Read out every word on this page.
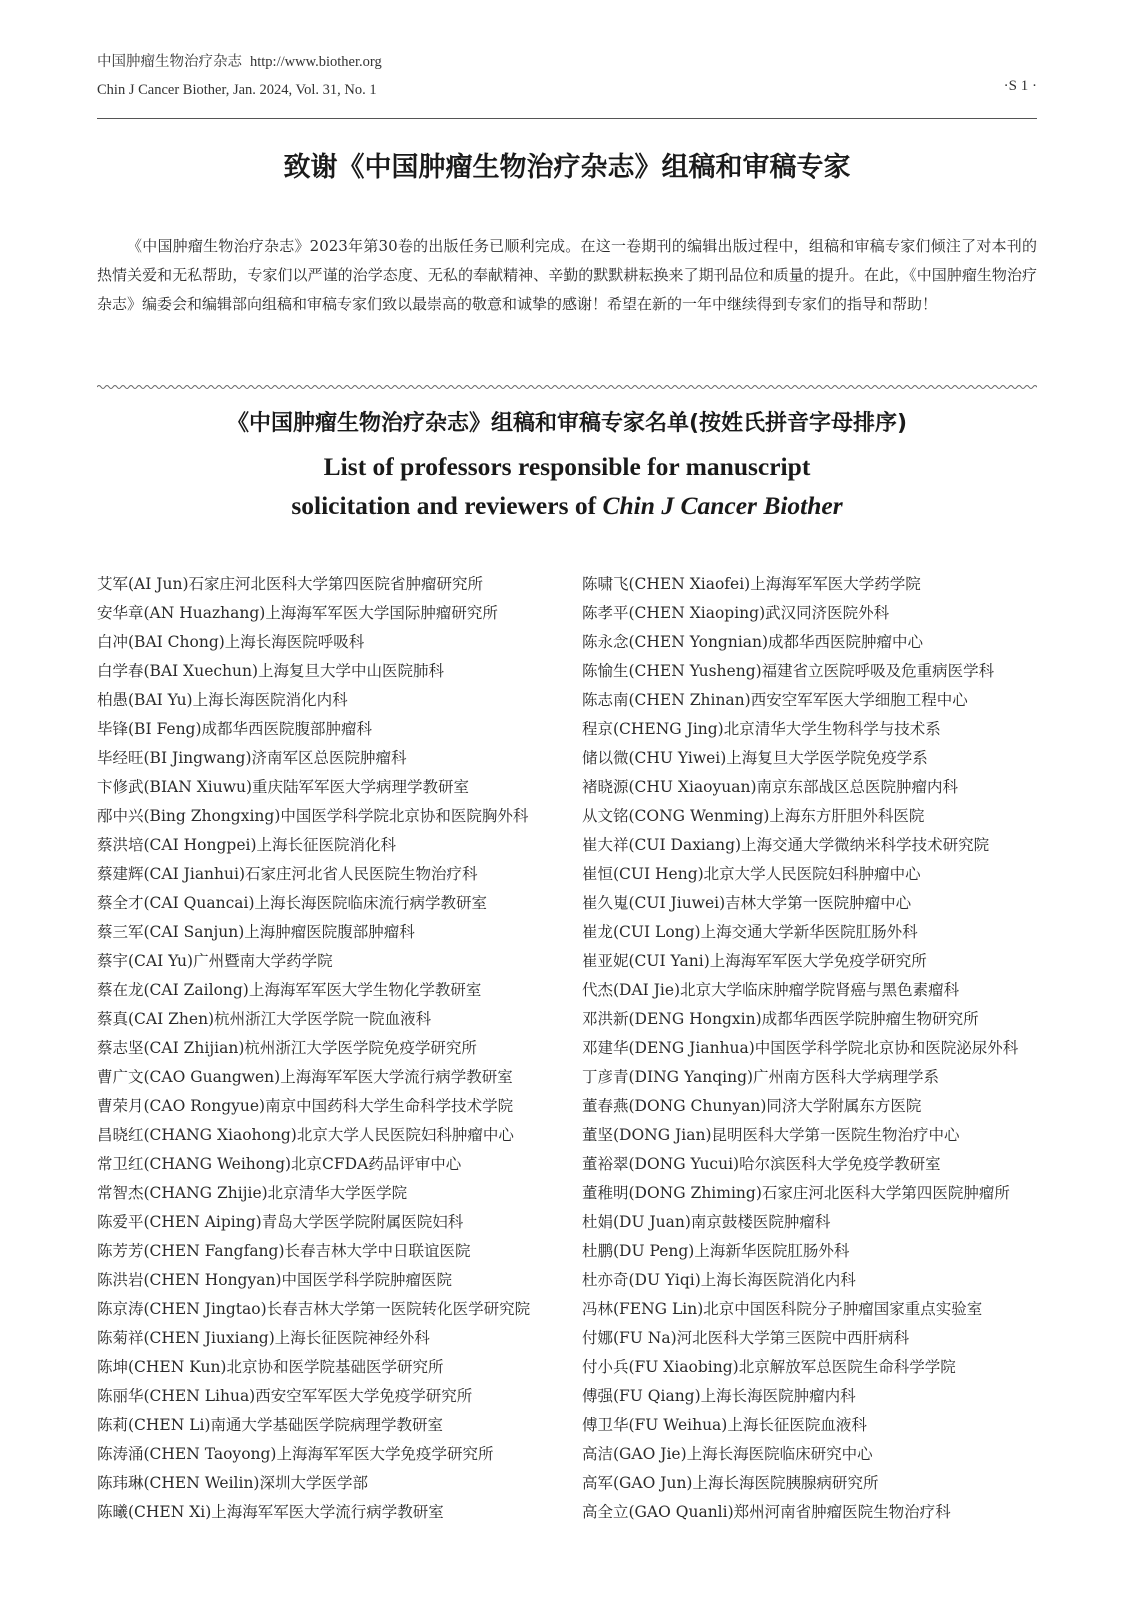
中国肿瘤生物治疗杂志 http://www.biother.org
Chin J Cancer Biother, Jan. 2024, Vol. 31, No. 1	·S 1 ·
致谢《中国肿瘤生物治疗杂志》组稿和审稿专家

《中国肿瘤生物治疗杂志》2023年第30卷的出版任务已顺利完成。在这一卷期刊的编辑出版过程中，组稿和审稿专家们倾注了对本刊的热情关爱和无私帮助，专家们以严谨的治学态度、无私的奉献精神、辛勤的默默耕耘换来了期刊品位和质量的提升。在此，《中国肿瘤生物治疗杂志》编委会和编辑部向组稿和审稿专家们致以最崇高的敬意和诚挚的感谢！希望在新的一年中继续得到专家们的指导和帮助！

《中国肿瘤生物治疗杂志》组稿和审稿专家名单(按姓氏拼音字母排序)
List of professors responsible for manuscript
solicitation and reviewers of Chin J Cancer Biother
艾军(AI Jun)石家庄河北医科大学第四医院省肿瘤研究所
安华章(AN Huazhang)上海海军军医大学国际肿瘤研究所
白冲(BAI Chong)上海长海医院呼吸科
白学春(BAI Xuechun)上海复旦大学中山医院肺科
柏愚(BAI Yu)上海长海医院消化内科
毕锋(BI Feng)成都华西医院腹部肿瘤科
毕经旺(BI Jingwang)济南军区总医院肿瘤科
卞修武(BIAN Xiuwu)重庆陆军军医大学病理学教研室
邴中兴(Bing Zhongxing)中国医学科学院北京协和医院胸外科
蔡洪培(CAI Hongpei)上海长征医院消化科
蔡建辉(CAI Jianhui)石家庄河北省人民医院生物治疗科
蔡全才(CAI Quancai)上海长海医院临床流行病学教研室
蔡三军(CAI Sanjun)上海肿瘤医院腹部肿瘤科
蔡宇(CAI Yu)广州暨南大学药学院
蔡在龙(CAI Zailong)上海海军军医大学生物化学教研室
蔡真(CAI Zhen)杭州浙江大学医学院一院血液科
蔡志坚(CAI Zhijian)杭州浙江大学医学院免疫学研究所
曹广文(CAO Guangwen)上海海军军医大学流行病学教研室
曹荣月(CAO Rongyue)南京中国药科大学生命科学技术学院
昌晓红(CHANG Xiaohong)北京大学人民医院妇科肿瘤中心
常卫红(CHANG Weihong)北京CFDA药品评审中心
常智杰(CHANG Zhijie)北京清华大学医学院
陈爱平(CHEN Aiping)青岛大学医学院附属医院妇科
陈芳芳(CHEN Fangfang)长春吉林大学中日联谊医院
陈洪岩(CHEN Hongyan)中国医学科学院肿瘤医院
陈京涛(CHEN Jingtao)长春吉林大学第一医院转化医学研究院
陈菊祥(CHEN Jiuxiang)上海长征医院神经外科
陈坤(CHEN Kun)北京协和医学院基础医学研究所
陈丽华(CHEN Lihua)西安空军军医大学免疫学研究所
陈莉(CHEN Li)南通大学基础医学院病理学教研室
陈涛涌(CHEN Taoyong)上海海军军医大学免疫学研究所
陈玮琳(CHEN Weilin)深圳大学医学部
陈曦(CHEN Xi)上海海军军医大学流行病学教研室
陈啸飞(CHEN Xiaofei)上海海军军医大学药学院
陈孝平(CHEN Xiaoping)武汉同济医院外科
陈永念(CHEN Yongnian)成都华西医院肿瘤中心
陈愉生(CHEN Yusheng)福建省立医院呼吸及危重病医学科
陈志南(CHEN Zhinan)西安空军军医大学细胞工程中心
程京(CHENG Jing)北京清华大学生物科学与技术系
储以微(CHU Yiwei)上海复旦大学医学院免疫学系
褚晓源(CHU Xiaoyuan)南京东部战区总医院肿瘤内科
从文铭(CONG Wenming)上海东方肝胆外科医院
崔大祥(CUI Daxiang)上海交通大学微纳米科学技术研究院
崔恒(CUI Heng)北京大学人民医院妇科肿瘤中心
崔久嵬(CUI Jiuwei)吉林大学第一医院肿瘤中心
崔龙(CUI Long)上海交通大学新华医院肛肠外科
崔亚妮(CUI Yani)上海海军军医大学免疫学研究所
代杰(DAI Jie)北京大学临床肿瘤学院肾癌与黑色素瘤科
邓洪新(DENG Hongxin)成都华西医学院肿瘤生物研究所
邓建华(DENG Jianhua)中国医学科学院北京协和医院泌尿外科
丁彦青(DING Yanqing)广州南方医科大学病理学系
董春燕(DONG Chunyan)同济大学附属东方医院
董坚(DONG Jian)昆明医科大学第一医院生物治疗中心
董裕翠(DONG Yucui)哈尔滨医科大学免疫学教研室
董稚明(DONG Zhiming)石家庄河北医科大学第四医院肿瘤所
杜娟(DU Juan)南京鼓楼医院肿瘤科
杜鹏(DU Peng)上海新华医院肛肠外科
杜亦奇(DU Yiqi)上海长海医院消化内科
冯林(FENG Lin)北京中国医科院分子肿瘤国家重点实验室
付娜(FU Na)河北医科大学第三医院中西肝病科
付小兵(FU Xiaobing)北京解放军总医院生命科学学院
傅强(FU Qiang)上海长海医院肿瘤内科
傅卫华(FU Weihua)上海长征医院血液科
高洁(GAO Jie)上海长海医院临床研究中心
高军(GAO Jun)上海长海医院胰腺病研究所
高全立(GAO Quanli)郑州河南省肿瘤医院生物治疗科
